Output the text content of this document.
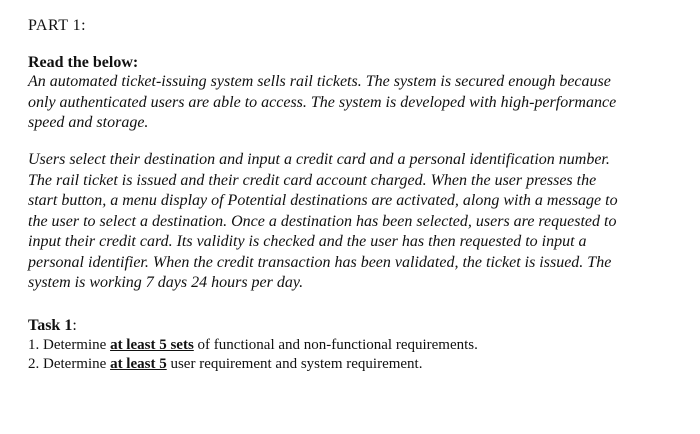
PART 1:
Read the below:
An automated ticket-issuing system sells rail tickets. The system is secured enough because
only authenticated users are able to access. The system is developed with high-performance
speed and storage.
Users select their destination and input a credit card and a personal identification number.
The rail ticket is issued and their credit card account charged. When the user presses the
start button, a menu display of Potential destinations are activated, along with a message to
the user to select a destination. Once a destination has been selected, users are requested to
input their credit card. Its validity is checked and the user has then requested to input a
personal identifier. When the credit transaction has been validated, the ticket is issued. The
system is working 7 days 24 hours per day.
Task 1:
1. Determine at least 5 sets of functional and non-functional requirements.
2. Determine at least 5 user requirement and system requirement.
